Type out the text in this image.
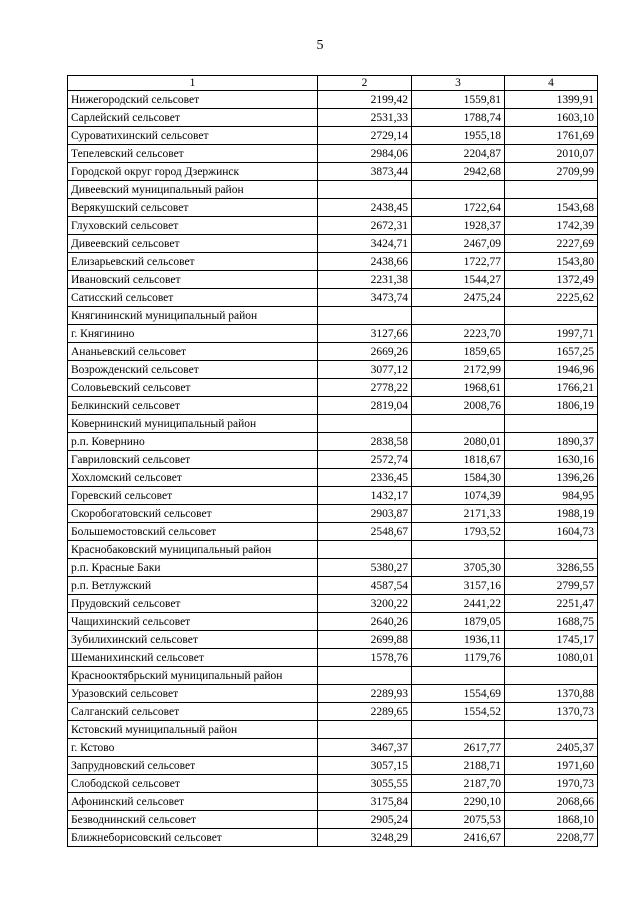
5
1	2	3	4
Нижегородский сельсовет	2199,42	1559,81	1399,91
Сарлейский сельсовет	2531,33	1788,74	1603,10
Суроватихинский сельсовет	2729,14	1955,18	1761,69
Тепелевский сельсовет	2984,06	2204,87	2010,07
Городской округ город Дзержинск	3873,44	2942,68	2709,99
Дивеевский муниципальный район			
Верякушский сельсовет	2438,45	1722,64	1543,68
Глуховский сельсовет	2672,31	1928,37	1742,39
Дивеевский сельсовет	3424,71	2467,09	2227,69
Елизарьевский сельсовет	2438,66	1722,77	1543,80
Ивановский сельсовет	2231,38	1544,27	1372,49
Сатисский сельсовет	3473,74	2475,24	2225,62
Княгининский муниципальный район			
г. Княгинино	3127,66	2223,70	1997,71
Ананьевский сельсовет	2669,26	1859,65	1657,25
Возрожденский сельсовет	3077,12	2172,99	1946,96
Соловьевский сельсовет	2778,22	1968,61	1766,21
Белкинский сельсовет	2819,04	2008,76	1806,19
Ковернинский муниципальный район			
р.п. Ковернино	2838,58	2080,01	1890,37
Гавриловский сельсовет	2572,74	1818,67	1630,16
Хохломский сельсовет	2336,45	1584,30	1396,26
Горевский сельсовет	1432,17	1074,39	984,95
Скоробогатовский сельсовет	2903,87	2171,33	1988,19
Большемостовский сельсовет	2548,67	1793,52	1604,73
Краснобаковский муниципальный район			
р.п. Красные Баки	5380,27	3705,30	3286,55
р.п. Ветлужский	4587,54	3157,16	2799,57
Прудовский сельсовет	3200,22	2441,22	2251,47
Чащихинский сельсовет	2640,26	1879,05	1688,75
Зубилихинский сельсовет	2699,88	1936,11	1745,17
Шеманихинский сельсовет	1578,76	1179,76	1080,01
Краснооктябрьский муниципальный район			
Уразовский сельсовет	2289,93	1554,69	1370,88
Салганский сельсовет	2289,65	1554,52	1370,73
Кстовский муниципальный район			
г. Кстово	3467,37	2617,77	2405,37
Запрудновский сельсовет	3057,15	2188,71	1971,60
Слободской сельсовет	3055,55	2187,70	1970,73
Афонинский сельсовет	3175,84	2290,10	2068,66
Безводнинский сельсовет	2905,24	2075,53	1868,10
Ближнеборисовский сельсовет	3248,29	2416,67	2208,77
